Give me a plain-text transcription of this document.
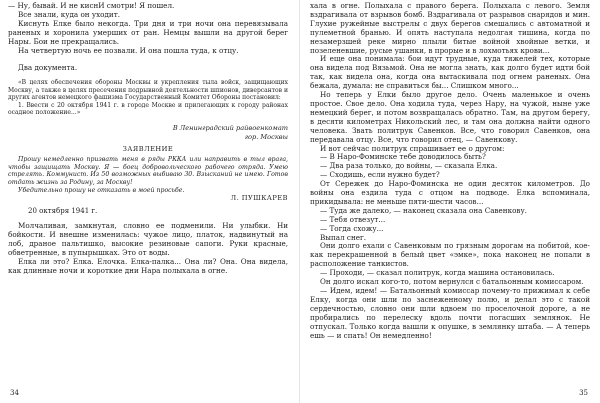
— Ну, бывай. И не киснИ смотри! Я пошел.

Все знали, куда он уходит.

Киснуть Елке было некогда. Три дня и три ночи она перевязывала раненых и хоронила умерших от ран. Немцы вышли на другой берег Нары. Бои не прекращались.

На четвертую ночь ее позвали. И она пошла туда, к отцу.

Два документа.

«В целях обеспечения обороны Москвы и укрепления тыла войск, защищающих Москву, а также в целях пресечения подрывной деятельности шпионов, диверсантов и других агентов немецкого фашизма Государственный Комитет Обороны постановил:

1. Ввести с 20 октября 1941 г. в городе Москве и прилегающих к городу районах осадное положение...»

В Ленинградский райвоенкомат

гор. Москвы

ЗАЯВЛЕНИЕ

Прошу немедленно призвать меня в ряды РККА или направить в тыл врага, чтобы защищать Москву. Я — боец добровольческого рабочего отряда. Умею стрелять. Коммунист. Из 50 возможных выбиваю 30. Взысканий не имею. Готов отдать жизнь за Родину, за Москву!

Убедительно прошу не отказать в моей просьбе.

Л. ПУШКАРЕВ

20 октября 1941 г.

Молчаливая, замкнутая, словно ее подменили. Ни улыбки. Ни бойкости. И внешне изменилась: чужое лицо, платок, надвинутый на лоб, драное пальтишко, высокие резиновые сапоги. Руки красные, обветренные, в пупырышках. Это от воды.

Елка ли это? Елка. Елочка. Елка-палка... Она ли? Она. Она видела, как длинные ночи и короткие дни Нара полыхала в огне.

34

хала в огне. Полыхала с правого берега. Полыхала с левого. Земля вздрагивала от взрывов бомб. Вздрагивала от разрывов снарядов и мин. Глухие ружейные выстрелы с двух берегов смешались с автоматной и пулеметной бранью. И опять наступала недолгая тишина, когда по незамерзшей реке мирно плыли битые войной хвойные ветки, и позеленевшие, русые ушанки, в прорые и в лохмотьях крови...

И еще она понимала: бои идут трудные, куда тяжелей тех, которые она видела под Вязьмой. Она не могла знать, как долго будет идти бой так, как видела она, когда она вытаскивала под огнем раненых. Она бежала, думала: не справиться бы... Слишком много...

Но теперь у Елки было другое дело. Очень маленькое и очень простое. Свое дело. Она ходила туда, через Нару, на чужой, ныне уже немецкий берег, и потом возвращалась обратно. Там, на другом берегу, в десяти километрах Никольский лес, и там она должна найти одного человека. Звать политрук Савенков. Все, что говорил Савенков, она передавала отцу. Все, что говорил отец, — Савенкову.

И вот сейчас политрук спрашивает ее о другом:

— В Наро-Фоминске тебе доводилось быть?

— Два раза только, до войны, — сказала Елка.

— Сходишь, если нужно будет?

От Сережек до Наро-Фоминска не один десяток километров. До войны она ездила туда с отцом на подводе. Елка вспоминала, прикидывала: не меньше пяти-шести часов...

— Туда же далеко, — наконец сказала она Савенкову.

— Тебя отвезут...

— Тогда схожу...

Выпал снег.

Они долго ехали с Савенковым по грязным дорогам на побитой, кое-как перекрашенной в белый цвет «эмке», пока наконец не попали в расположение танкистов.

— Проходи, — сказал политрук, когда машина остановилась.

Он долго искал кого-то, потом вернулся с батальонным комиссаром.

— Идем, идем! — Батальонный комиссар почему-то прижимал к себе Елку, когда они шли по заснеженному полю, и делал это с такой сердечностью, словно они шли вдвоем по проселочной дороге, а не пробирались по перелеску вдоль почти погасших землянок. Не отпускал. Только когда вышли к опушке, в землянку штаба. — А теперь ешь — и спать! Он немедленно!

35
